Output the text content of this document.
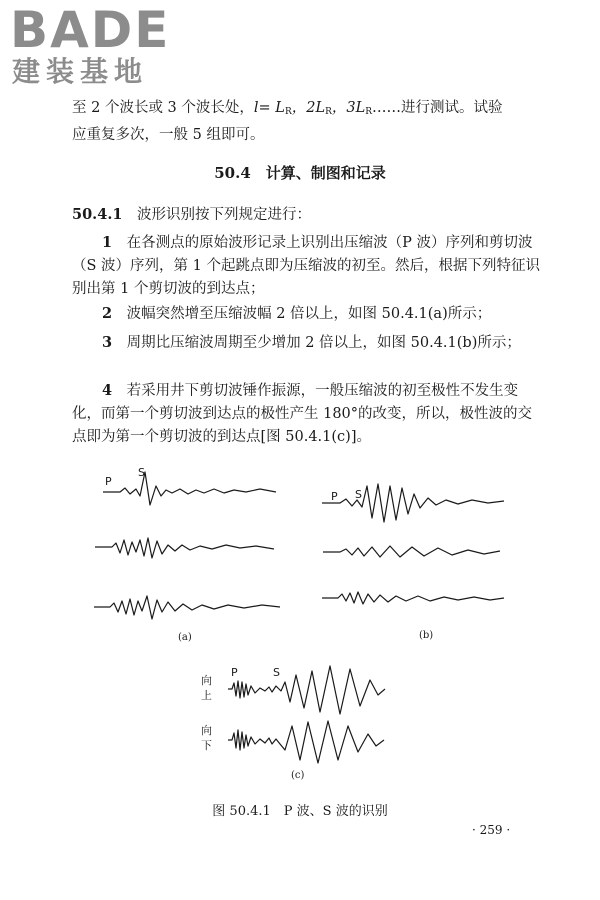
BADE
建装基地
至 2 个波长或 3 个波长处，$l= L_R$，$2L_R$，$3L_R\dots\dots$进行测试。试验
应重复多次，一般 5 组即可。
50.4　计算、制图和记录
50.4.1　 波形识别按下列规定进行：
1　 在各测点的原始波形记录上识别出压缩波（P 波）序列和剪切波（S 波）序列，第 1 个起跳点即为压缩波的初至。然后，根据下列特征识别出第 1 个剪切波的到达点；
2　 波幅突然增至压缩波幅 2 倍以上，如图 50.4.1(a)所示；
3　 周期比压缩波周期至少增加 2 倍以上，如图 50.4.1(b)所示；
4　 若采用井下剪切波锤作振源，一般压缩波的初至极性不发生变化，而第一个剪切波到达点的极性产生 180°的改变，所以，极性波的交点即为第一个剪切波的到达点[图 50.4.1(c)]。
P
S
P S
P	S
(a)	(b)
(c)
向
上
向
下
图 50.4.1　P 波、S 波的识别
· 259 ·
